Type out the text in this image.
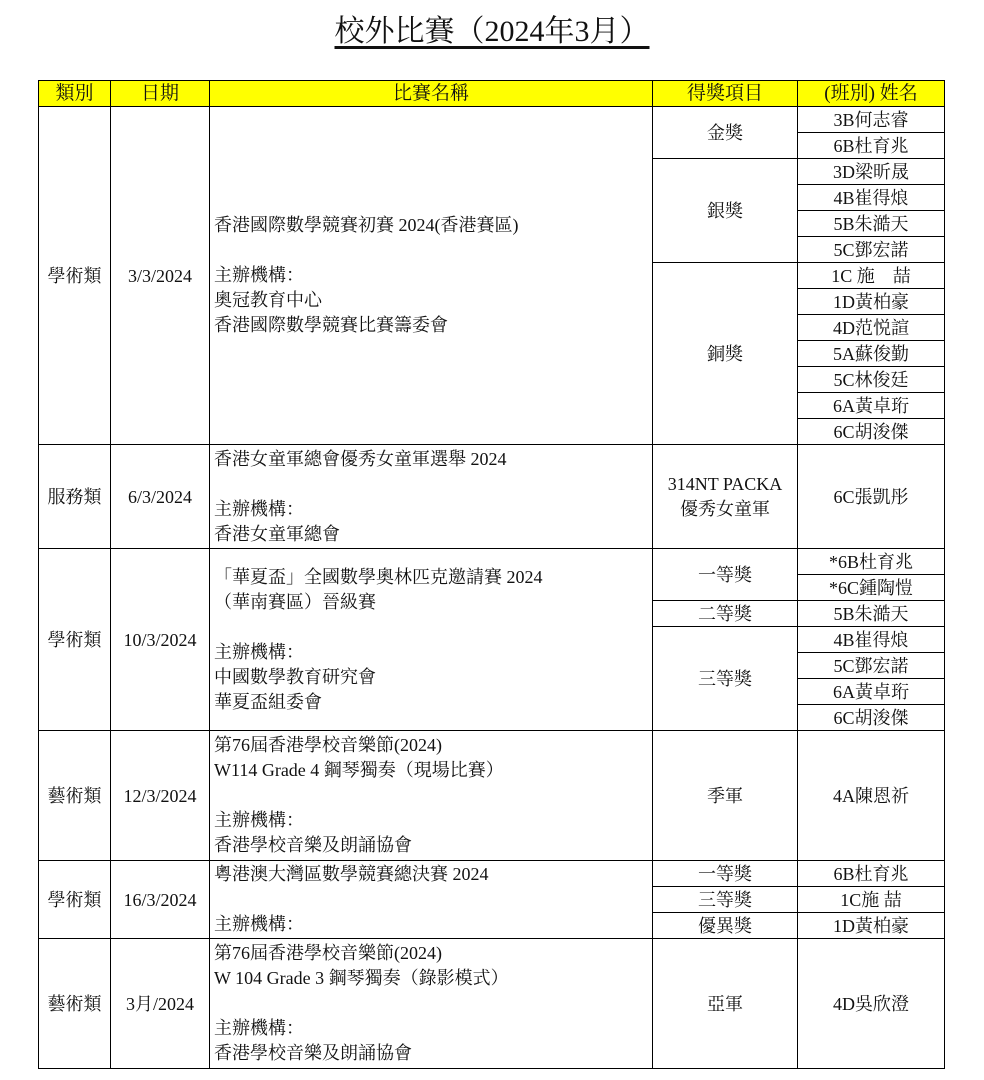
校外比賽（2024年3月）
類別	日期	比賽名稱	得獎項目	(班別) 姓名
學術類	3/3/2024	香港國際數學競賽初賽 2024(香港賽區)
主辦機構：
奧冠教育中心
香港國際數學競賽比賽籌委會	金獎	3B何志睿
				6B杜育兆
			銀獎	3D梁昕晟
				4B崔得烺
				5B朱澔天
				5C鄧宏諾
			銅獎	1C 施　喆
				1D黃柏豪
				4D范悦諠
				5A蘇俊勤
				5C林俊廷
				6A黃卓珩
				6C胡浚傑
服務類	6/3/2024	香港女童軍總會優秀女童軍選舉 2024
主辦機構：
香港女童軍總會	314NT PACKA
優秀女童軍	6C張凱彤
學術類	10/3/2024	「華夏盃」全國數學奧林匹克邀請賽 2024
（華南賽區）晉級賽
主辦機構：
中國數學教育研究會
華夏盃組委會	一等獎	*6B杜育兆
				*6C鍾陶愷
			二等獎	5B朱澔天
			三等獎	4B崔得烺
				5C鄧宏諾
				6A黃卓珩
				6C胡浚傑
藝術類	12/3/2024	第76屆香港學校音樂節(2024)
W114 Grade 4 鋼琴獨奏（現場比賽）
主辦機構：
香港學校音樂及朗誦協會	季軍	4A陳恩祈
學術類	16/3/2024	粵港澳大灣區數學競賽總決賽 2024
主辦機構：	一等獎	6B杜育兆
			三等獎	1C施 喆
			優異獎	1D黃柏豪
藝術類	3月/2024	第76屆香港學校音樂節(2024)
W 104 Grade 3 鋼琴獨奏（錄影模式）
主辦機構：
香港學校音樂及朗誦協會	亞軍	4D吳欣澄
